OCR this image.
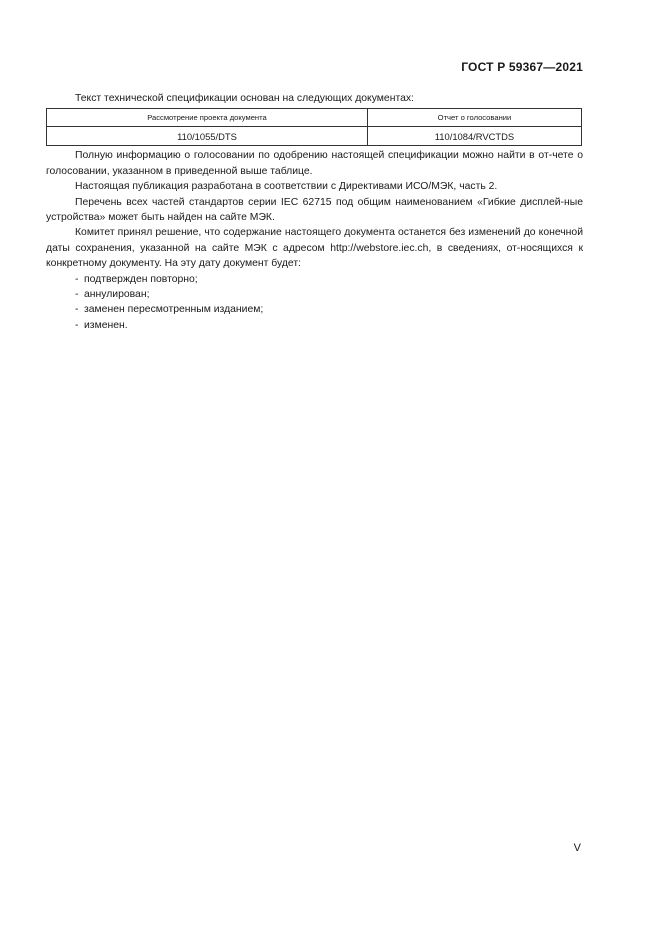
ГОСТ Р 59367—2021

Текст технической спецификации основан на следующих документах:

Рассмотрение проекта документа	Отчет о голосовании
110/1055/DTS	110/1084/RVCTDS

Полную информацию о голосовании по одобрению настоящей спецификации можно найти в от-чете о голосовании, указанном в приведенной выше таблице.

Настоящая публикация разработана в соответствии с Директивами ИСО/МЭК, часть 2.

Перечень всех частей стандартов серии IEC 62715 под общим наименованием «Гибкие дисплей-ные устройства» может быть найден на сайте МЭК.

Комитет принял решение, что содержание настоящего документа останется без изменений до конечной даты сохранения, указанной на сайте МЭК с адресом http://webstore.iec.ch, в сведениях, от-носящихся к конкретному документу. На эту дату документ будет:

- подтвержден повторно;
- аннулирован;
- заменен пересмотренным изданием;
- изменен.
V
